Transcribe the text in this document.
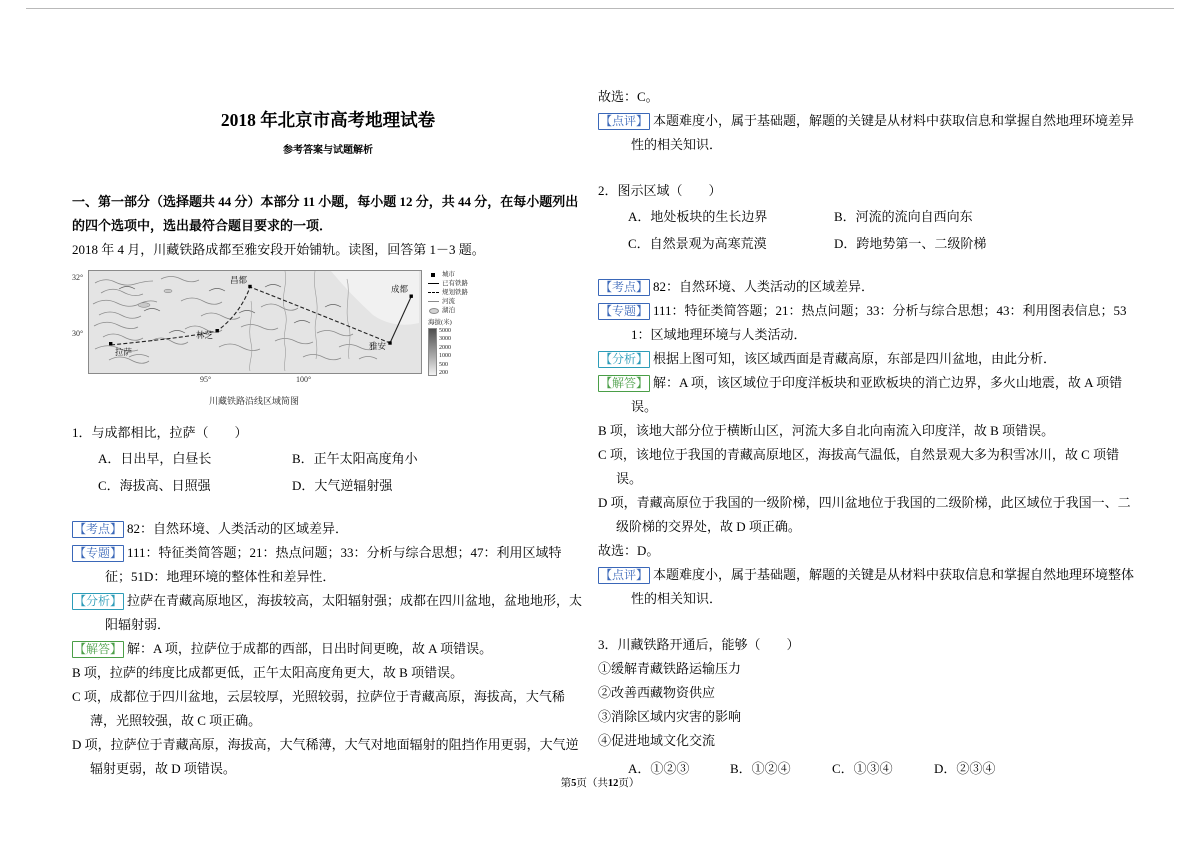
2018 年北京市高考地理试卷
参考答案与试题解析

一、第一部分（选择题共 44 分）本部分 11 小题，每小题 12 分，共 44 分，在每小题列出的四个选项中，选出最符合题目要求的一项．

2018 年 4 月，川藏铁路成都至雅安段开始铺轨。读图，回答第 1－3 题。

32°
30°
昌都
成都
拉萨
林芝
雅安
城市
已有铁路
规划铁路
河流
湖泊
海拔(米)
5000
3000
2000
1000
500
200
95°	100°
川藏铁路沿线区域简图

1．与成都相比，拉萨（　　）

A．日出早，白昼长	B．正午太阳高度角小
C．海拔高、日照强	D．大气逆辐射强

【考点】 82：自然环境、人类活动的区域差异．

【专题】 111：特征类简答题；21：热点问题；33：分析与综合思想；47：利用区域特征；51D：地理环境的整体性和差异性．

【分析】 拉萨在青藏高原地区，海拔较高，太阳辐射强；成都在四川盆地，盆地地形，太阳辐射弱．

【解答】 解：A 项，拉萨位于成都的西部，日出时间更晚，故 A 项错误。

B 项，拉萨的纬度比成都更低，正午太阳高度角更大，故 B 项错误。

C 项，成都位于四川盆地，云层较厚，光照较弱，拉萨位于青藏高原，海拔高，大气稀薄，光照较强，故 C 项正确。

D 项，拉萨位于青藏高原，海拔高，大气稀薄，大气对地面辐射的阻挡作用更弱，大气逆辐射更弱，故 D 项错误。

故选：C。

【点评】 本题难度小，属于基础题，解题的关键是从材料中获取信息和掌握自然地理环境差异性的相关知识．

2．图示区域（　　）

A．地处板块的生长边界	B．河流的流向自西向东
C．自然景观为高寒荒漠	D．跨地势第一、二级阶梯

【考点】 82：自然环境、人类活动的区域差异．

【专题】 111：特征类简答题；21：热点问题；33：分析与综合思想；43：利用图表信息；531：区域地理环境与人类活动．

【分析】 根据上图可知，该区域西面是青藏高原，东部是四川盆地，由此分析．

【解答】 解：A 项，该区域位于印度洋板块和亚欧板块的消亡边界，多火山地震，故 A 项错误。

B 项，该地大部分位于横断山区，河流大多自北向南流入印度洋，故 B 项错误。

C 项，该地位于我国的青藏高原地区，海拔高气温低，自然景观大多为积雪冰川，故 C 项错误。

D 项，青藏高原位于我国的一级阶梯，四川盆地位于我国的二级阶梯，此区域位于我国一、二级阶梯的交界处，故 D 项正确。

故选：D。

【点评】 本题难度小，属于基础题，解题的关键是从材料中获取信息和掌握自然地理环境整体性的相关知识．

3．川藏铁路开通后，能够（　　）

①缓解青藏铁路运输压力

②改善西藏物资供应

③消除区域内灾害的影响

④促进地域文化交流

A．①②③	B．①②④	C．①③④	D．②③④
第5页（共12页）
